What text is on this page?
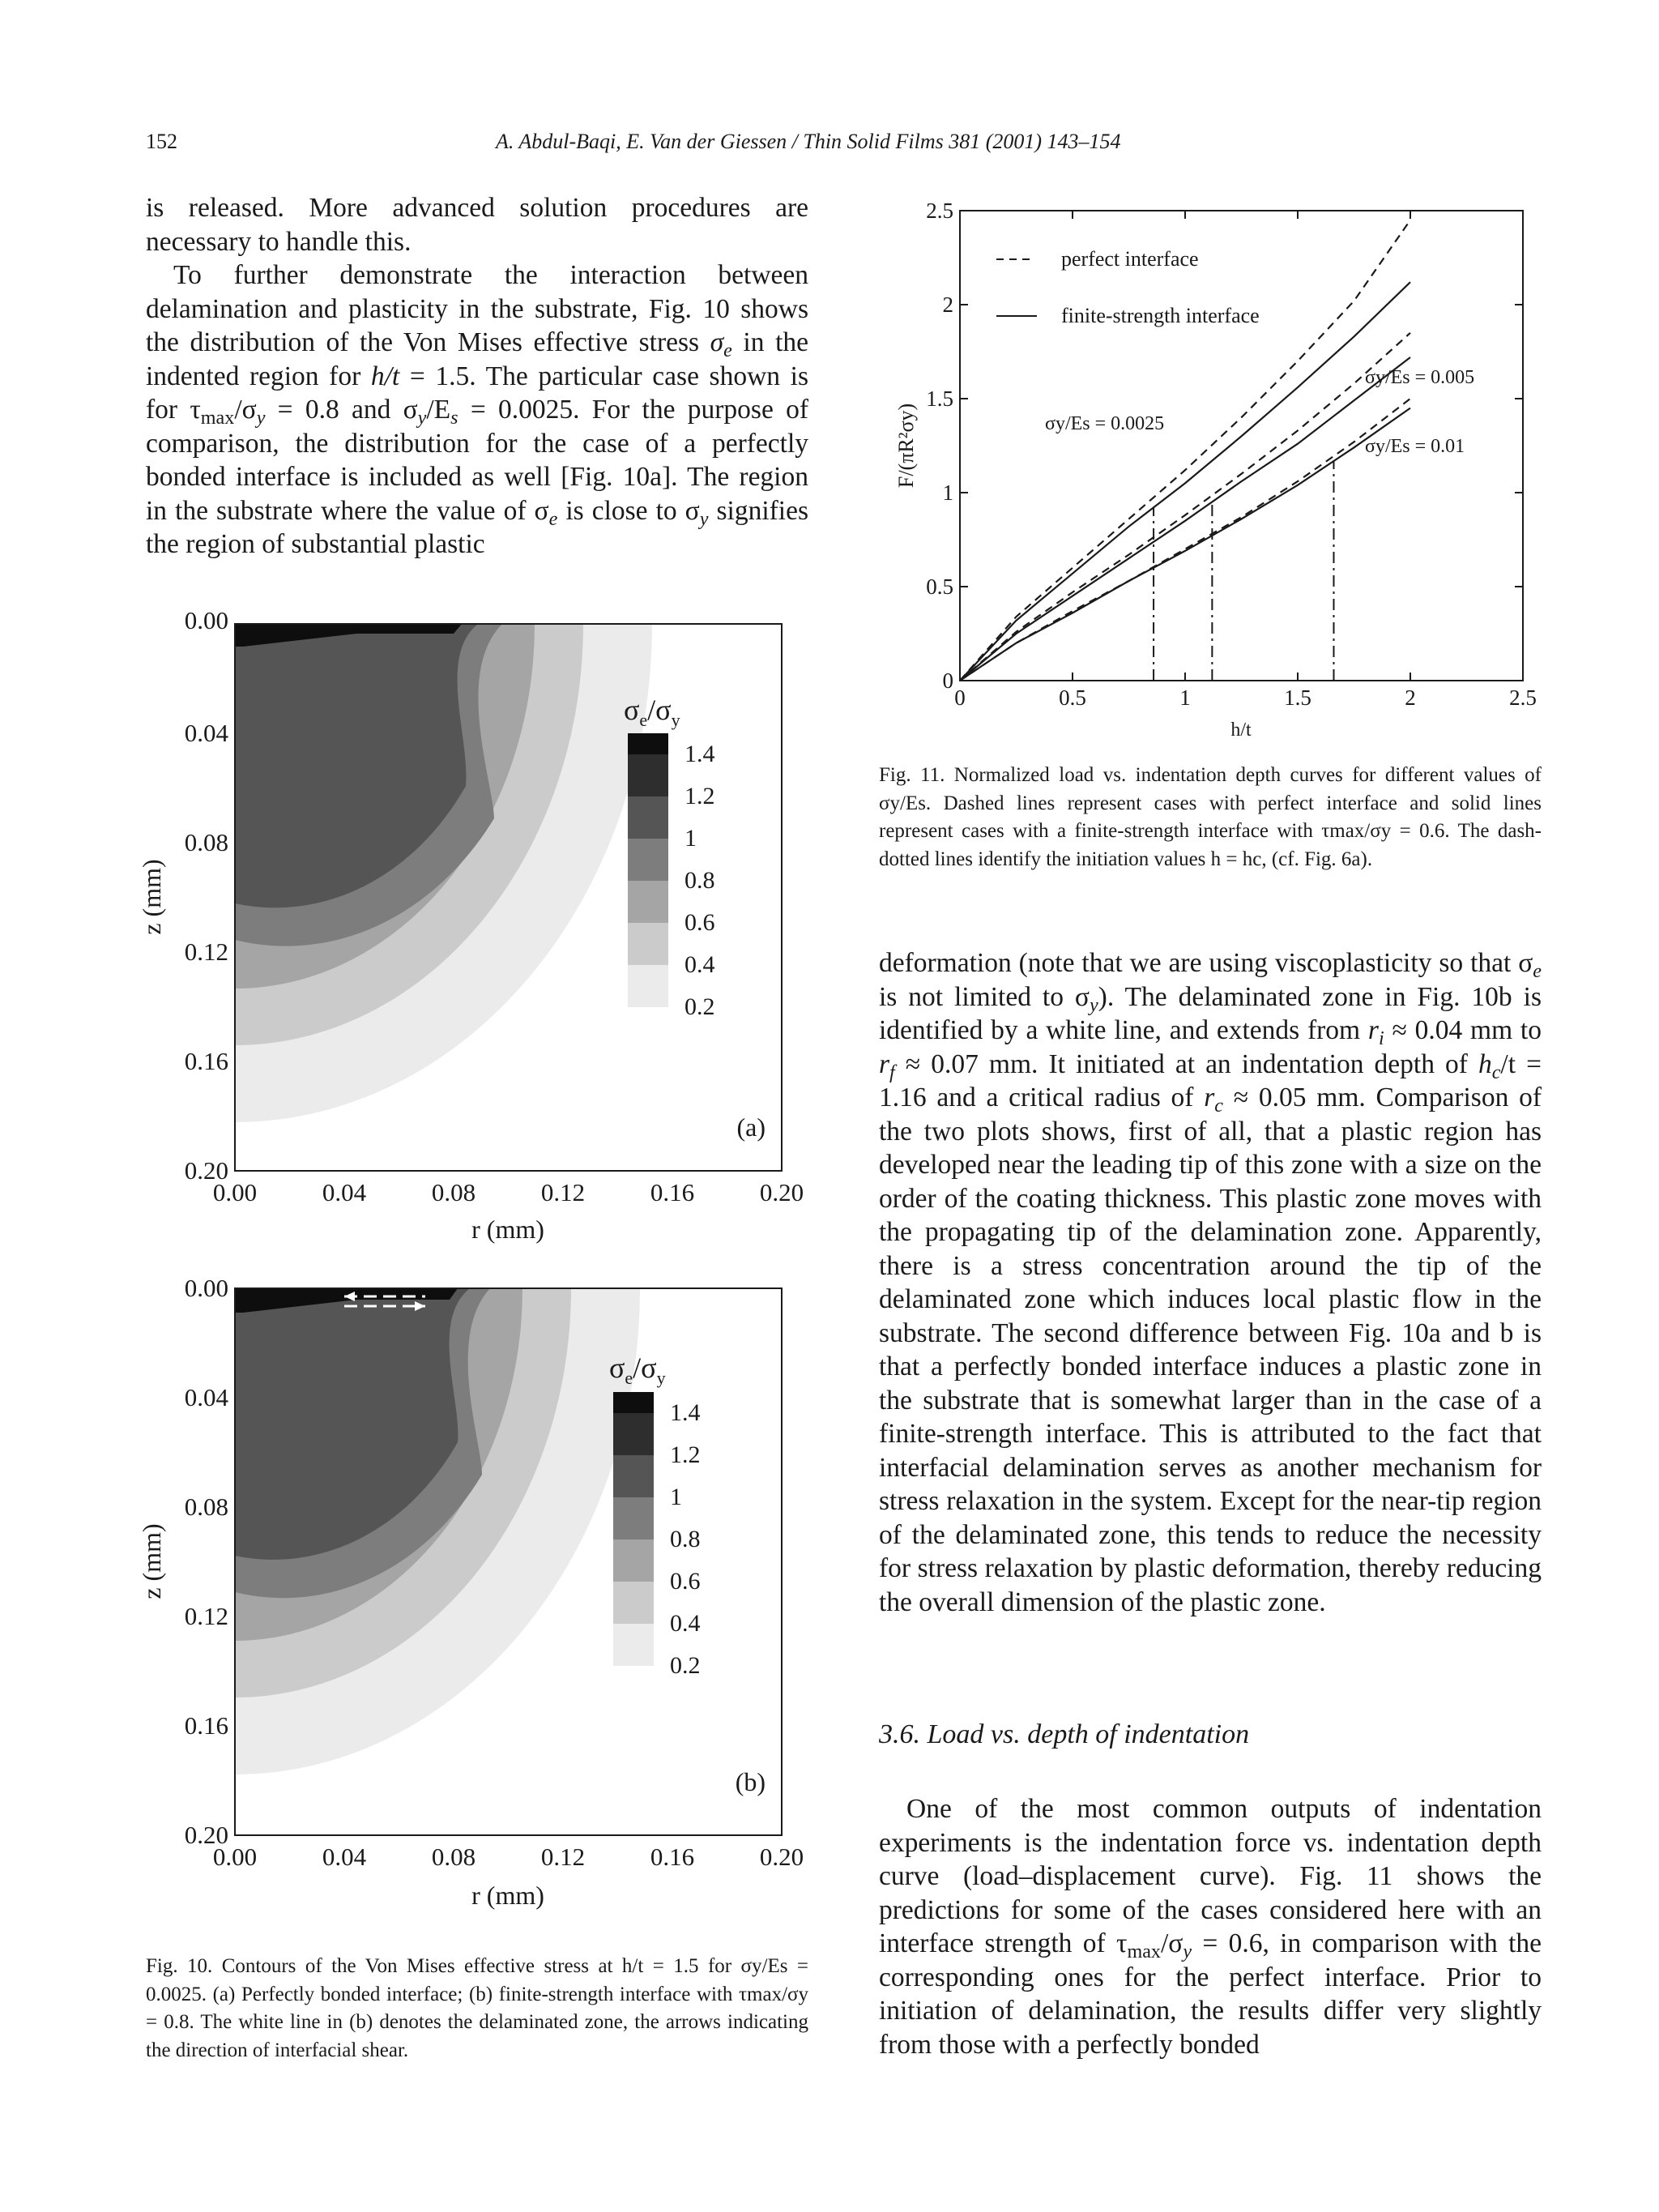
152	A. Abdul-Baqi, E. Van der Giessen / Thin Solid Films 381 (2001) 143–154

is released. More advanced solution procedures are necessary to handle this.

To further demonstrate the interaction between delamination and plasticity in the substrate, Fig. 10 shows the distribution of the Von Mises effective stress $\sigma_e$ in the indented region for h/t = 1.5. The particular case shown is for $\tau_{max}/\sigma_y = 0.8$ and $\sigma_y/E_s = 0.0025$. For the purpose of comparison, the distribution for the case of a perfectly bonded interface is included as well [Fig. 10a]. The region in the substrate where the value of $\sigma_e$ is close to $\sigma_y$ signifies the region of substantial plastic

0.00
0.04
0.08
0.12
0.16
0.20
0.00	0.04	0.08	0.12	0.16	0.20
r (mm)
z (mm)
(a)
$\sigma_e/\sigma_y$
1.4
1.2
1
0.8
0.6
0.4
0.2
0.00
0.04
0.08
0.12
0.16
0.20
0.00	0.04	0.08	0.12	0.16	0.20
r (mm)
z (mm)
(b)
$\sigma_e/\sigma_y$
1.4
1.2
1
0.8
0.6
0.4
0.2
Fig. 10. Contours of the Von Mises effective stress at h/t = 1.5 for σy/Es = 0.0025. (a) Perfectly bonded interface; (b) finite-strength interface with τmax/σy = 0.8. The white line in (b) denotes the delaminated zone, the arrows indicating the direction of interfacial shear.
0	0.5	1	1.5	2	2.5
0
0.5
1
1.5
2
2.5
h/t
F/(πR²σy)
perfect interface
finite-strength interface
σy/Es = 0.0025
σy/Es = 0.005
σy/Es = 0.01
Fig. 11. Normalized load vs. indentation depth curves for different values of σy/Es. Dashed lines represent cases with perfect interface and solid lines represent cases with a finite-strength interface with τmax/σy = 0.6. The dash-dotted lines identify the initiation values h = hc, (cf. Fig. 6a).

deformation (note that we are using viscoplasticity so that $\sigma_e$ is not limited to $\sigma_y$). The delaminated zone in Fig. 10b is identified by a white line, and extends from $r_i \approx 0.04$ mm to $r_f \approx 0.07$ mm. It initiated at an indentation depth of $h_c/t = 1.16$ and a critical radius of $r_c \approx 0.05$ mm. Comparison of the two plots shows, first of all, that a plastic region has developed near the leading tip of this zone with a size on the order of the coating thickness. This plastic zone moves with the propagating tip of the delamination zone. Apparently, there is a stress concentration around the tip of the delaminated zone which induces local plastic flow in the substrate. The second difference between Fig. 10a and b is that a perfectly bonded interface induces a plastic zone in the substrate that is somewhat larger than in the case of a finite-strength interface. This is attributed to the fact that interfacial delamination serves as another mechanism for stress relaxation in the system. Except for the near-tip region of the delaminated zone, this tends to reduce the necessity for stress relaxation by plastic deformation, thereby reducing the overall dimension of the plastic zone.

3.6. Load vs. depth of indentation

One of the most common outputs of indentation experiments is the indentation force vs. indentation depth curve (load–displacement curve). Fig. 11 shows the predictions for some of the cases considered here with an interface strength of $\tau_{max}/\sigma_y = 0.6$, in comparison with the corresponding ones for the perfect interface. Prior to initiation of delamination, the results differ very slightly from those with a perfectly bonded
